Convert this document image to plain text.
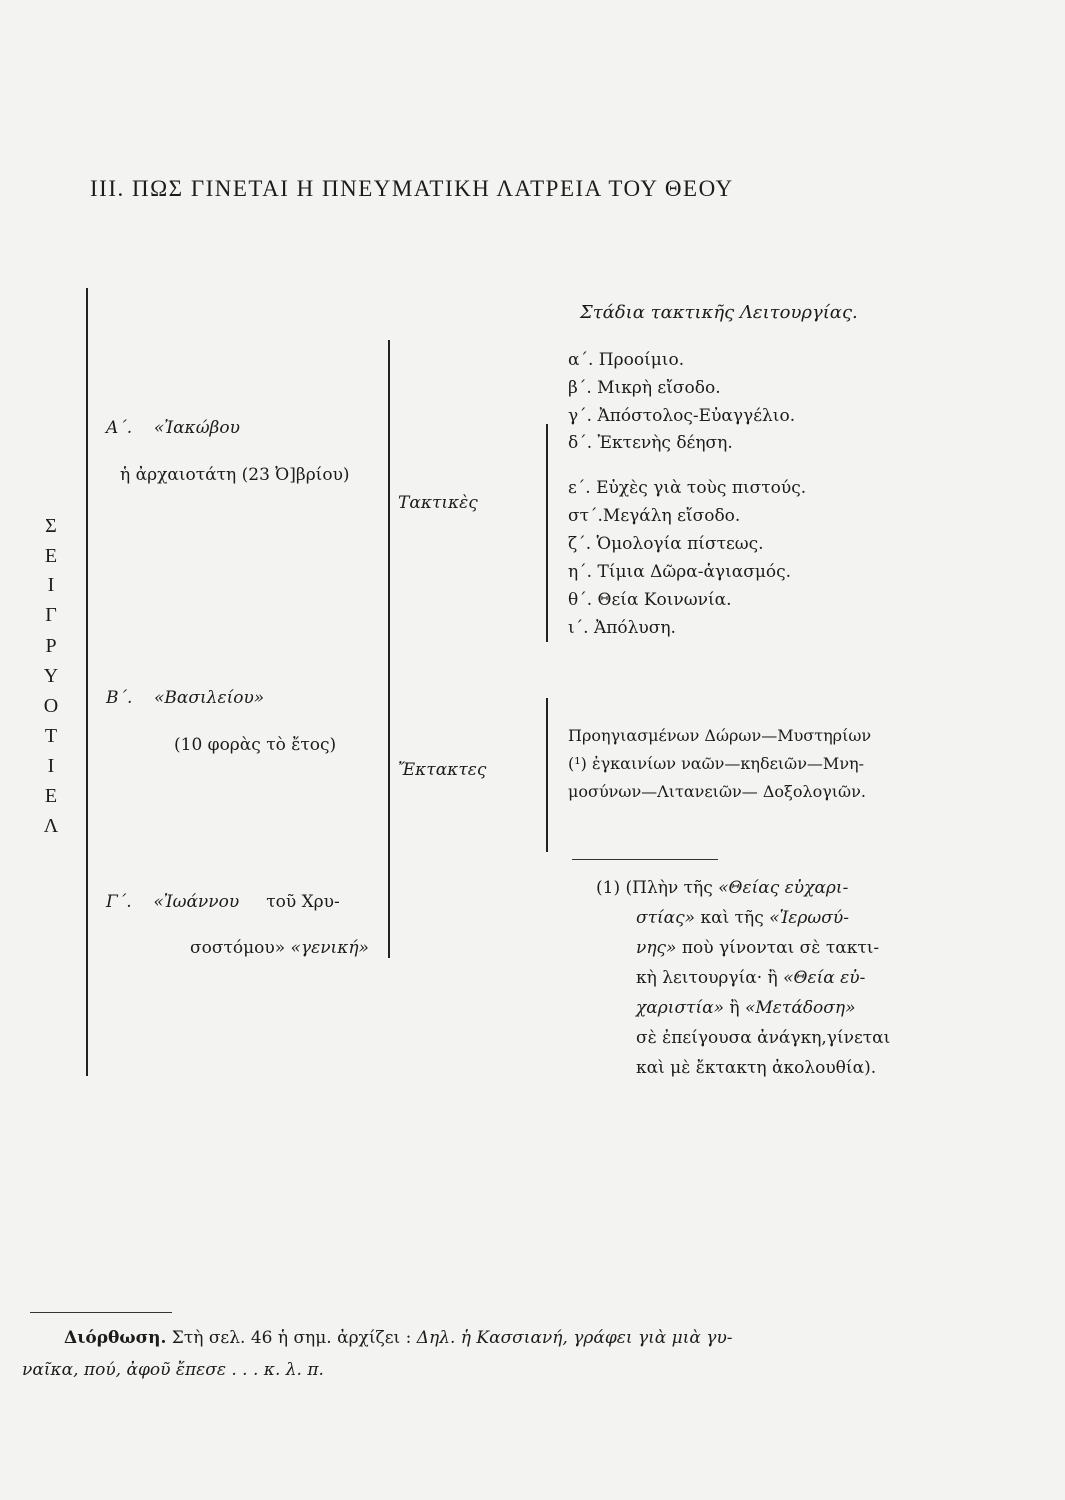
III. ΠΩΣ ΓΙΝΕΤΑΙ Η ΠΝΕΥΜΑΤΙΚΗ ΛΑΤΡΕΙΑ ΤΟΥ ΘΕΟΥ
Λ
Ε
Ι
Τ
Ο
Υ
Ρ
Γ
Ι
Ε
Σ
Α΄. «Ἰακώβου
ἡ ἀρχαιοτάτη (23 Ὀ]βρίου)
Β΄. «Βασιλείου»
(10 φορὰς τὸ ἔτος)
Γ΄. «Ἰωάννου τοῦ Χρυ-
σοστόμου» «γενική»
Τακτικὲς
Ἔκτακτες
Στάδια τακτικῆς Λειτουργίας.
α΄. Προοίμιο.
β΄. Μικρὴ εἴσοδο.
γ΄. Ἀπόστολος-Εὐαγγέλιο.
δ΄. Ἐκτενὴς δέηση.
ε΄. Εὐχὲς γιὰ τοὺς πιστούς.
στ΄.Μεγάλη εἴσοδο.
ζ΄. Ὁμολογία πίστεως.
η΄. Τίμια Δῶρα-ἁγιασμός.
θ΄. Θεία Κοινωνία.
ι΄. Ἀπόλυση.
Προηγιασμένων Δώρων—Μυστηρίων
(¹) ἐγκαινίων ναῶν—κηδειῶν—Μνη-
μοσύνων—Λιτανειῶν— Δοξολογιῶν.
(1) (Πλὴν τῆς «Θείας εὐχαρι-
στίας» καὶ τῆς «Ἱερωσύ-
νης» ποὺ γίνονται σὲ τακτι-
κὴ λειτουργία· ἢ «Θεία εὐ-
χαριστία» ἢ «Μετάδοση»
σὲ ἐπείγουσα ἀνάγκη,γίνεται
καὶ μὲ ἔκτακτη ἀκολουθία).
Διόρθωση. Στὴ σελ. 46 ἡ σημ. ἀρχίζει : Δηλ. ἡ Κασσιανή, γράφει γιὰ μιὰ γυ-
ναῖκα, πού, ἀφοῦ ἔπεσε . . . κ. λ. π.
